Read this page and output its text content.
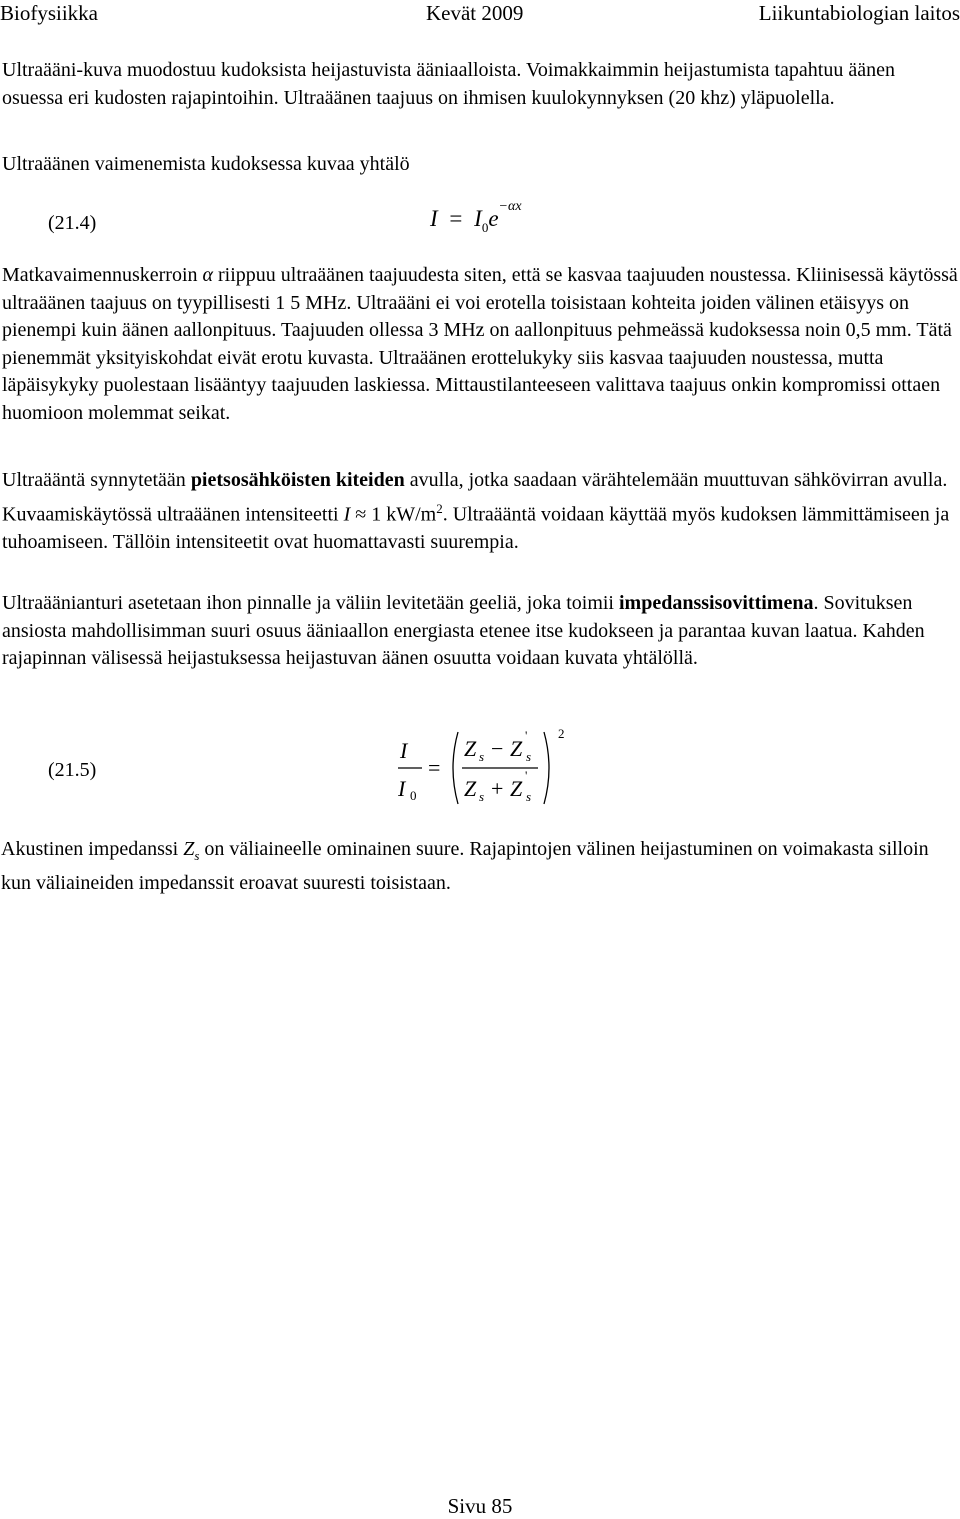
Biofysiikka	Kevät 2009	Liikuntabiologian laitos

Ultraääni-kuva muodostuu kudoksista heijastuvista ääniaalloista. Voimakkaimmin heijastumista tapahtuu äänen osuessa eri kudosten rajapintoihin. Ultraäänen taajuus on ihmisen kuulokynnyksen (20 khz) yläpuolella.

Ultraäänen vaimenemista kudoksessa kuvaa yhtälö

(21.4)	$I = I_0e^{-\alpha x}$

Matkavaimennuskerroin α riippuu ultraäänen taajuudesta siten, että se kasvaa taajuuden noustessa. Kliinisessä käytössä ultraäänen taajuus on tyypillisesti 1 5 MHz. Ultraääni ei voi erotella toisistaan kohteita joiden välinen etäisyys on pienempi kuin äänen aallonpituus. Taajuuden ollessa 3 MHz on aallonpituus pehmeässä kudoksessa noin 0,5 mm. Tätä pienemmät yksityiskohdat eivät erotu kuvasta. Ultraäänen erottelukyky siis kasvaa taajuuden noustessa, mutta läpäisykyky puolestaan lisääntyy taajuuden laskiessa. Mittaustilanteeseen valittava taajuus onkin kompromissi ottaen huomioon molemmat seikat.

Ultraääntä synnytetään pietsosähköisten kiteiden avulla, jotka saadaan värähtelemään muuttuvan sähkövirran avulla. Kuvaamiskäytössä ultraäänen intensiteetti I ≈ 1 $kW/m^2$. Ultraääntä voidaan käyttää myös kudoksen lämmittämiseen ja tuhoamiseen. Tällöin intensiteetit ovat huomattavasti suurempia.

Ultraäänianturi asetetaan ihon pinnalle ja väliin levitetään geeliä, joka toimii impedanssisovittimena. Sovituksen ansiosta mahdollisimman suuri osuus ääniaallon energiasta etenee itse kudokseen ja parantaa kuvan laatua. Kahden rajapinnan välisessä heijastuksessa heijastuvan äänen osuutta voidaan kuvata yhtälöllä.

(21.5)
I
I 0
=
Z s − Z
'
s
Z s + Z
'
s
2

Akustinen impedanssi $Z_s$ on väliaineelle ominainen suure. Rajapintojen välinen heijastuminen on voimakasta silloin kun väliaineiden impedanssit eroavat suuresti toisistaan.

Sivu 85
